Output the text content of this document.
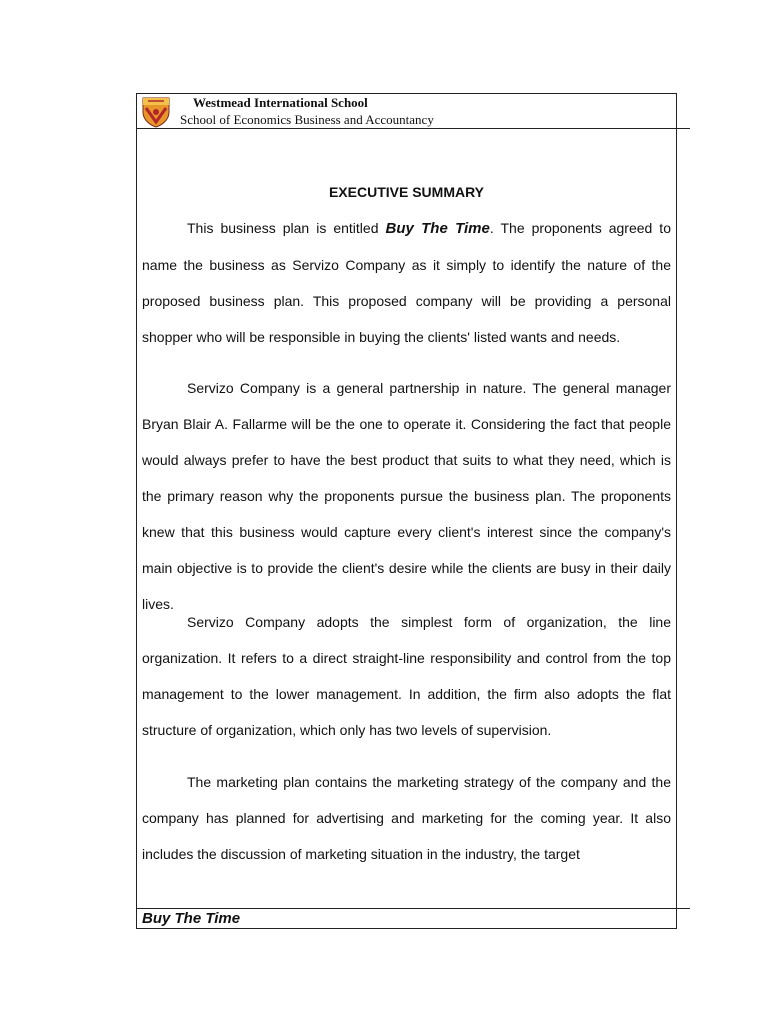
Westmead International School
School of Economics Business and Accountancy
EXECUTIVE SUMMARY
This business plan is entitled Buy The Time. The proponents agreed to name the business as Servizo Company as it simply to identify the nature of the proposed business plan. This proposed company will be providing a personal shopper who will be responsible in buying the clients' listed wants and needs.
Servizo Company is a general partnership in nature. The general manager Bryan Blair A. Fallarme will be the one to operate it. Considering the fact that people would always prefer to have the best product that suits to what they need, which is the primary reason why the proponents pursue the business plan. The proponents knew that this business would capture every client's interest since the company's main objective is to provide the client's desire while the clients are busy in their daily lives.
Servizo Company adopts the simplest form of organization, the line organization. It refers to a direct straight-line responsibility and control from the top management to the lower management. In addition, the firm also adopts the flat structure of organization, which only has two levels of supervision.
The marketing plan contains the marketing strategy of the company and the company has planned for advertising and marketing for the coming year. It also includes the discussion of marketing situation in the industry, the target
Buy The Time
